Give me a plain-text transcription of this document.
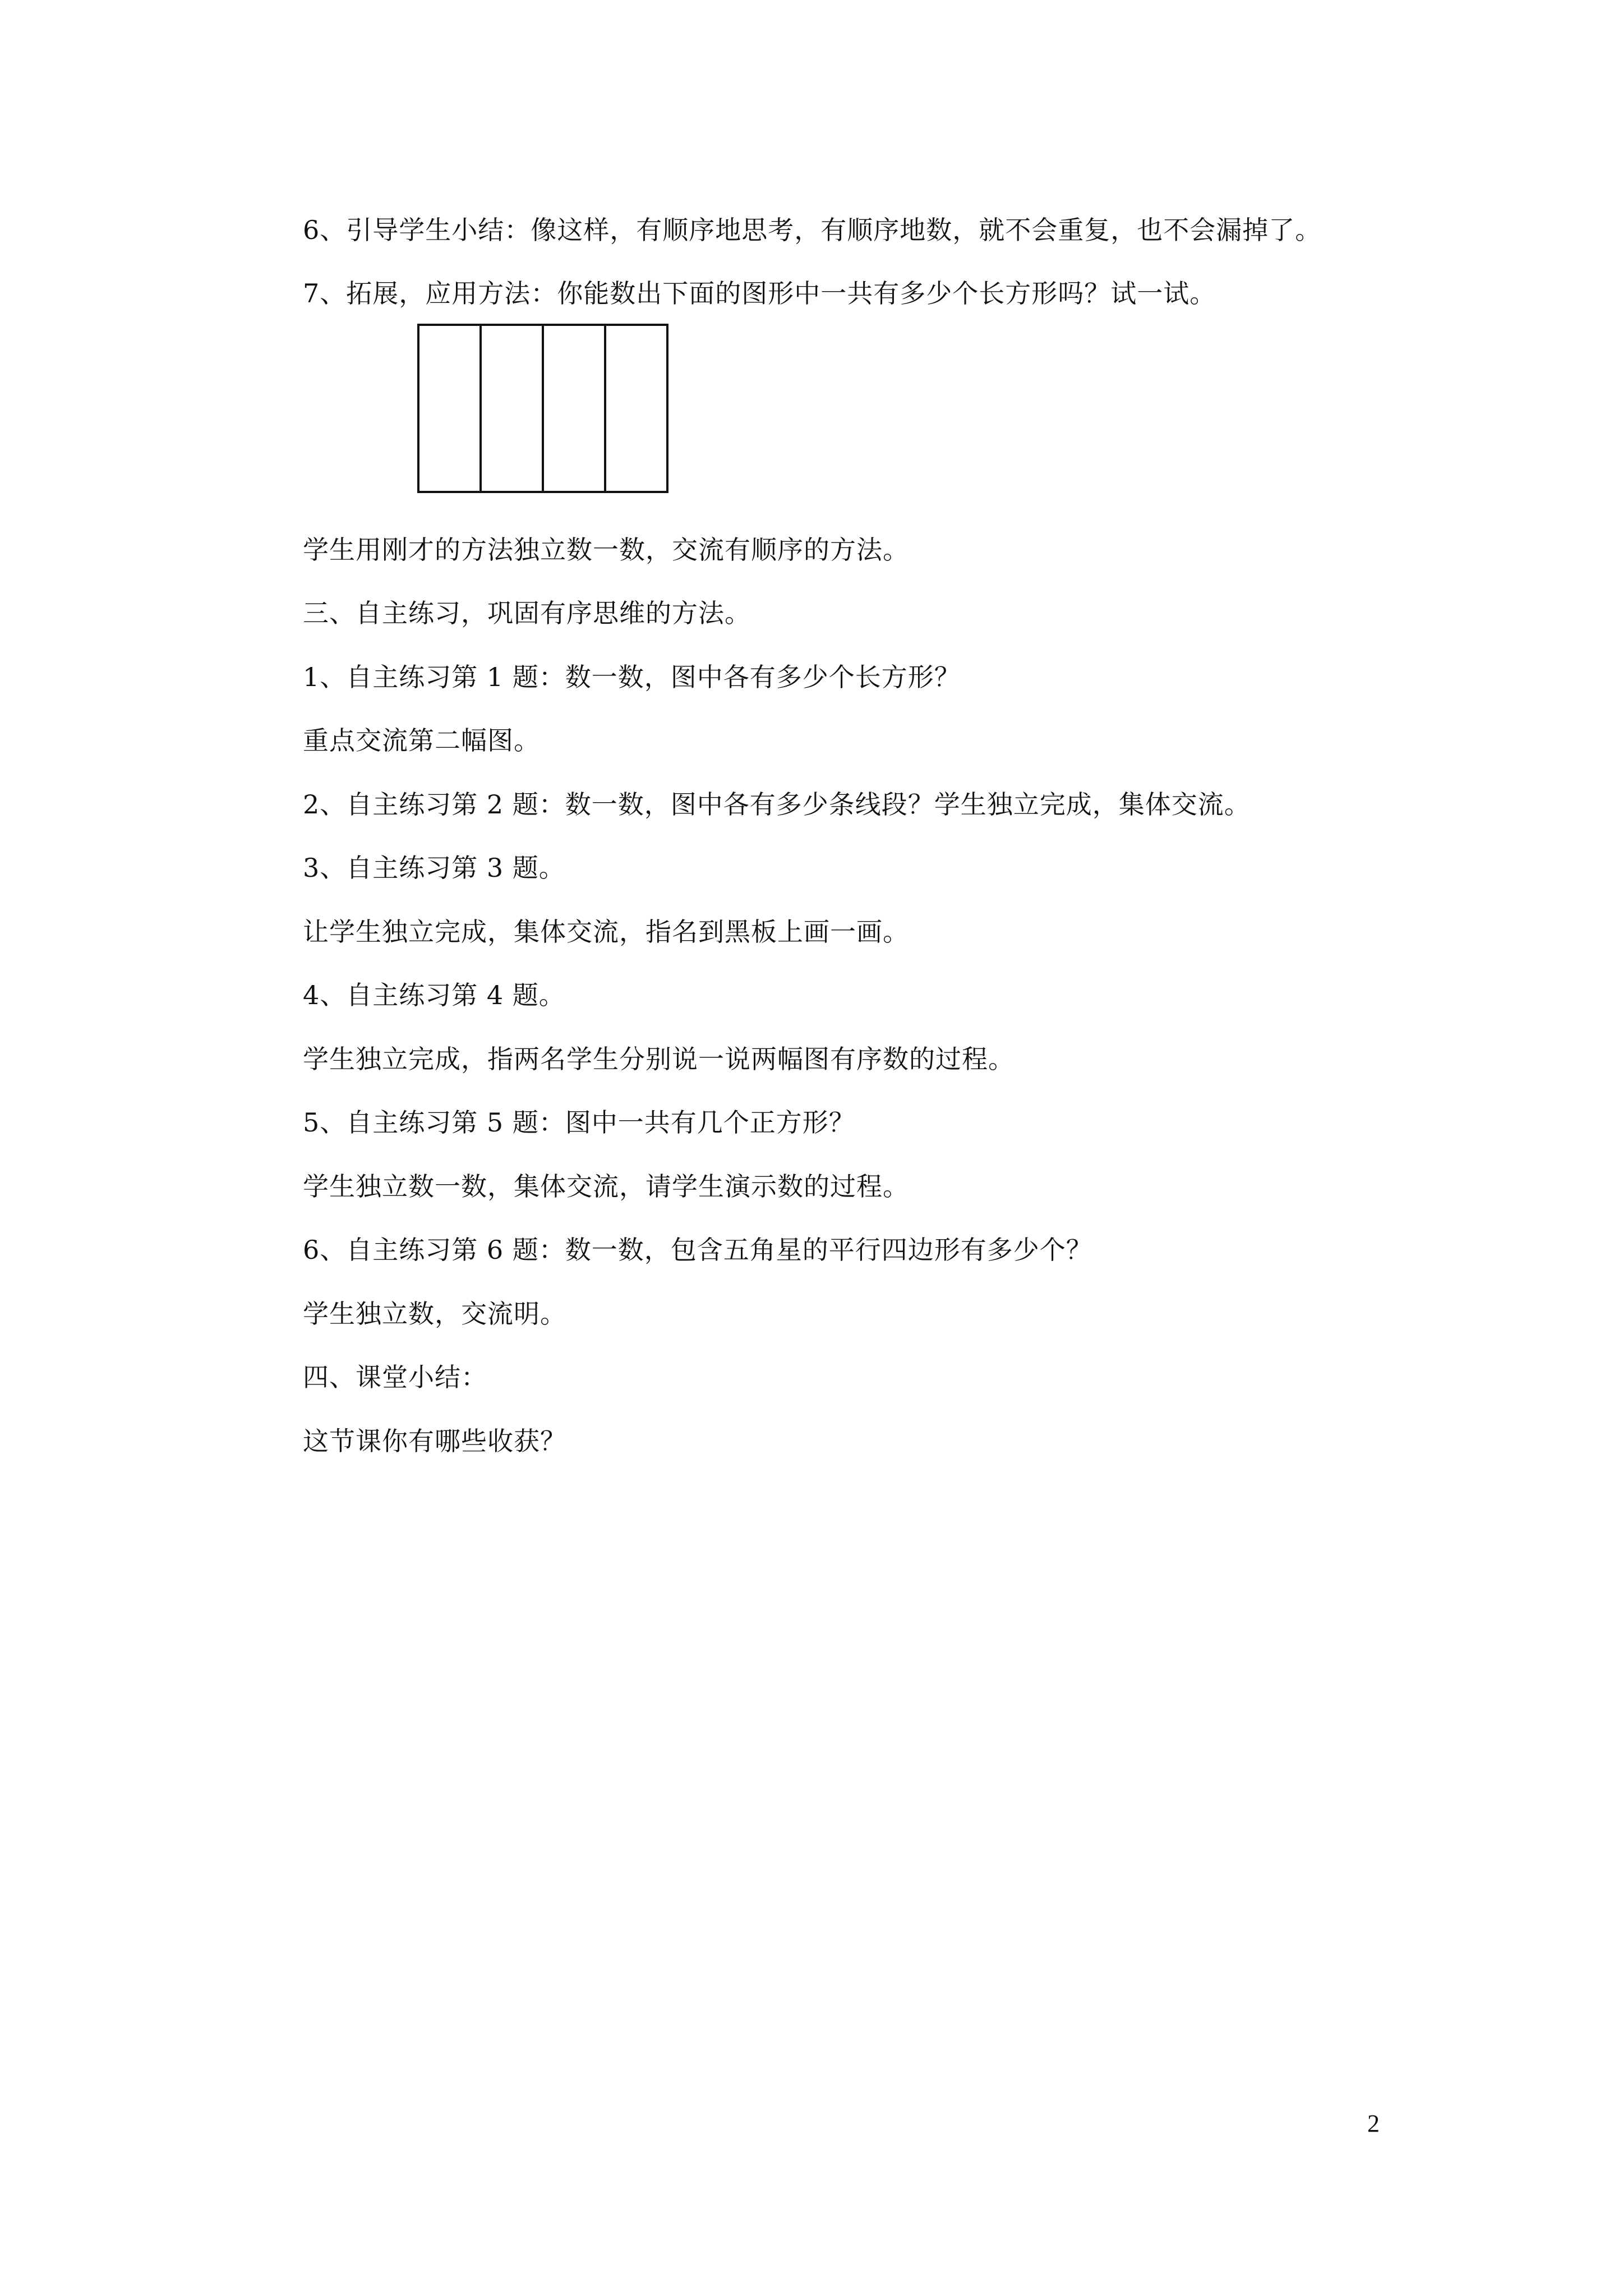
6、引导学生小结：像这样，有顺序地思考，有顺序地数，就不会重复，也不会漏掉了。
7、拓展，应用方法：你能数出下面的图形中一共有多少个长方形吗？试一试。
学生用刚才的方法独立数一数，交流有顺序的方法。
三、自主练习，巩固有序思维的方法。
1、自主练习第 1 题：数一数，图中各有多少个长方形？
重点交流第二幅图。
2、自主练习第 2 题：数一数，图中各有多少条线段？学生独立完成，集体交流。
3、自主练习第 3 题。
让学生独立完成，集体交流，指名到黑板上画一画。
4、自主练习第 4 题。
学生独立完成，指两名学生分别说一说两幅图有序数的过程。
5、自主练习第 5 题：图中一共有几个正方形？
学生独立数一数，集体交流，请学生演示数的过程。
6、自主练习第 6 题：数一数，包含五角星的平行四边形有多少个？
学生独立数，交流明。
四、课堂小结：
这节课你有哪些收获？
2
